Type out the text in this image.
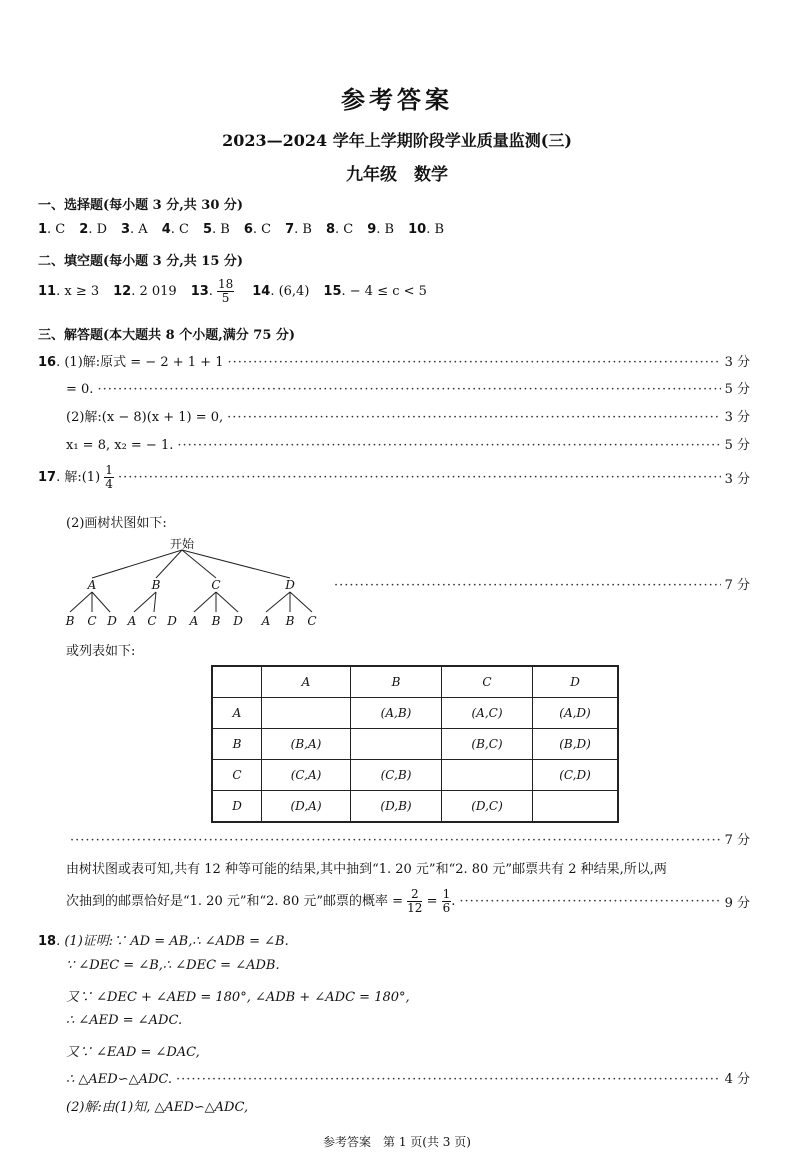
参考答案
2023—2024 学年上学期阶段学业质量监测(三)
九年级　数学
一、选择题(每小题 3 分,共 30 分)
1. C 2. D 3. A 4. C 5. B 6. C 7. B 8. C 9. B 10. B
二、填空题(每小题 3 分,共 15 分)
11 . x ≥ 3 12 . 2 019 13 . $\frac{18}{5} 14$ . (6,4) 15 . − 4 ≤ c < 5
三、解答题(本大题共 8 个小题,满分 75 分)
16. (1)解:原式 = − 2 + 1 + 1 ·····	3 分
= 0. ·····	5 分
(2)解:(x − 8)(x + 1) = 0, ·····	3 分
x₁ = 8, x₂ = − 1. ·····	5 分
17. 解:(1) $\frac{1}{4}$ ·····	3 分
(2)画树状图如下:
开始
A	B	C	D
B C D A C D A B D A B C
·····
7 分
或列表如下:
	A	B	C	D
A		(A,B)	(A,C)	(A,D)
B	(B,A)		(B,C)	(B,D)
C	(C,A)	(C,B)		(C,D)
D	(D,A)	(D,B)	(D,C)	
·····
7 分
由树状图或表可知,共有 12 种等可能的结果,其中抽到“1. 20 元”和“2. 80 元”邮票共有 2 种结果,所以,两
次抽到的邮票恰好是“1. 20 元”和“2. 80 元”邮票的概率 = $\frac{2}{12} = \frac{1}{6}$ . ·····	9 分
18. (1)证明:∵ AD = AB,∴ ∠ADB = ∠B.
∵ ∠DEC = ∠B,∴ ∠DEC = ∠ADB.
又∵ ∠DEC + ∠AED = 180°, ∠ADB + ∠ADC = 180°,
∴ ∠AED = ∠ADC.
又∵ ∠EAD = ∠DAC,
∴ △AED∽△ADC. ·····	4 分
(2)解:由(1)知, △AED∽△ADC,
参考答案　第 1 页(共 3 页)
